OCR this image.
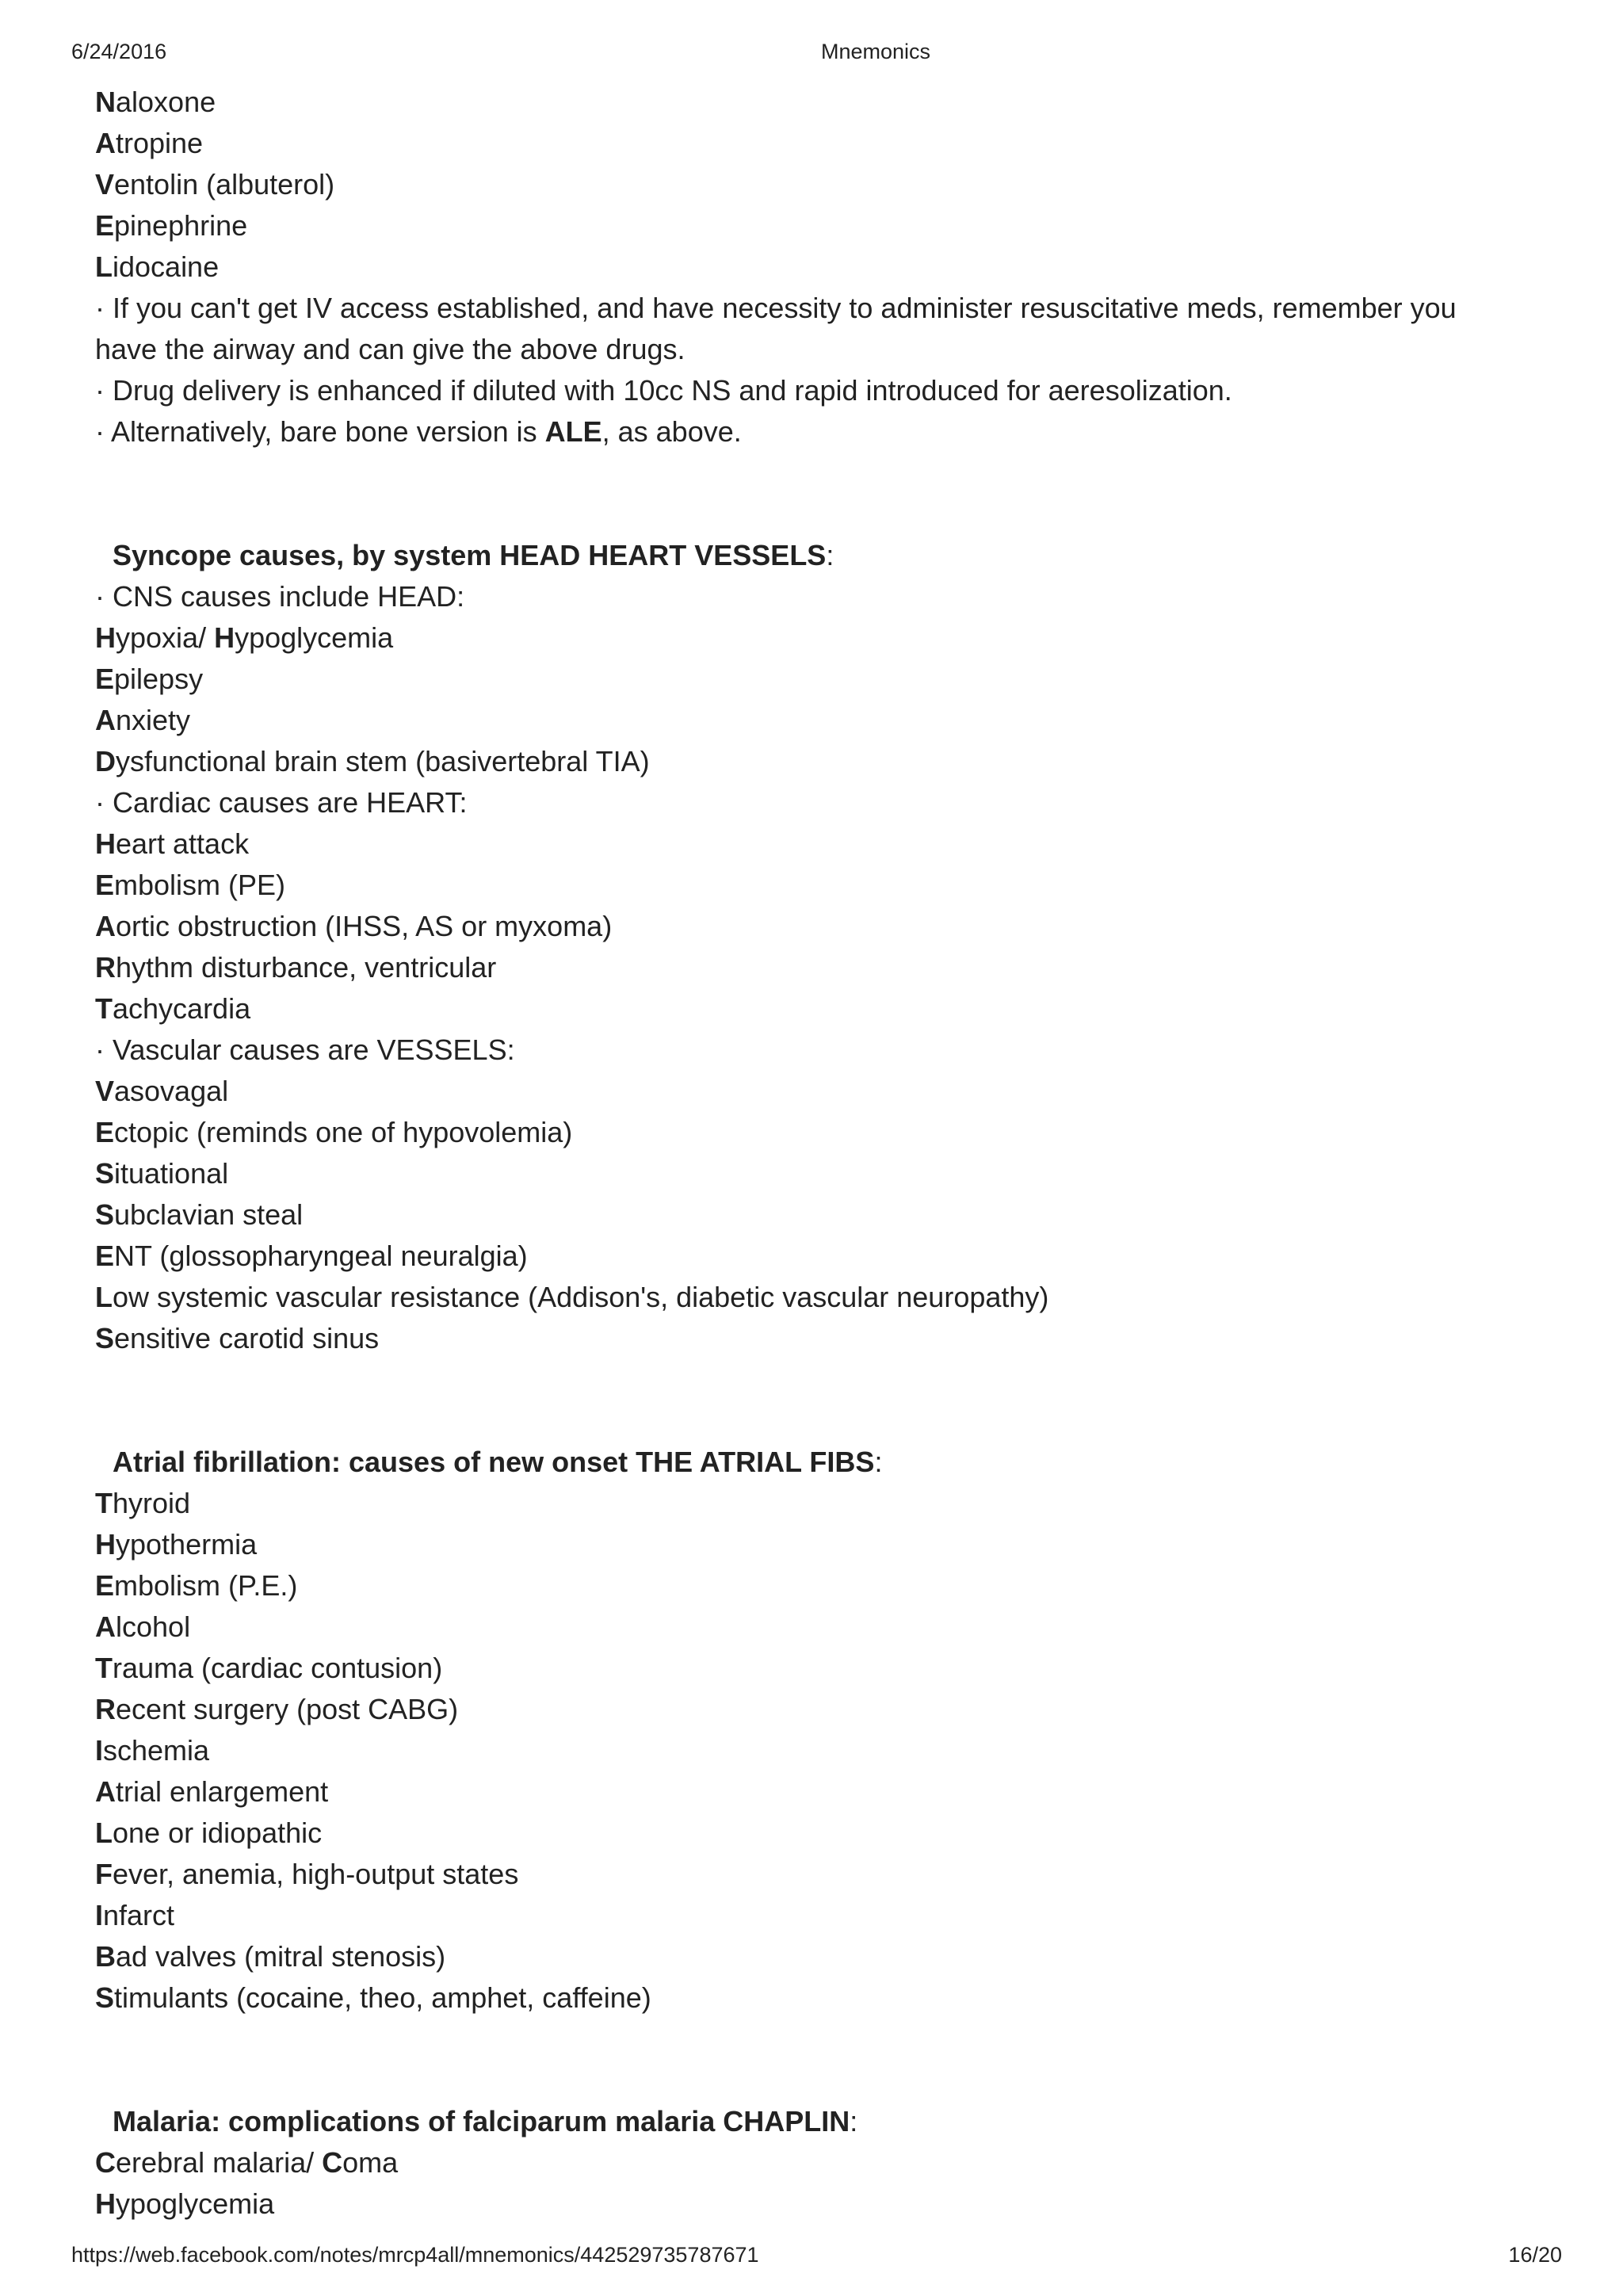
6/24/2016	Mnemonics
Naloxone
Atropine
Ventolin (albuterol)
Epinephrine
Lidocaine
· If you can't get IV access established, and have necessity to administer resuscitative meds, remember you have the airway and can give the above drugs.
· Drug delivery is enhanced if diluted with 10cc NS and rapid introduced for aeresolization.
· Alternatively, bare bone version is ALE, as above.
Syncope causes, by system HEAD HEART VESSELS:
· CNS causes include HEAD:
Hypoxia/ Hypoglycemia
Epilepsy
Anxiety
Dysfunctional brain stem (basivertebral TIA)
· Cardiac causes are HEART:
Heart attack
Embolism (PE)
Aortic obstruction (IHSS, AS or myxoma)
Rhythm disturbance, ventricular
Tachycardia
· Vascular causes are VESSELS:
Vasovagal
Ectopic (reminds one of hypovolemia)
Situational
Subclavian steal
ENT (glossopharyngeal neuralgia)
Low systemic vascular resistance (Addison's, diabetic vascular neuropathy)
Sensitive carotid sinus
Atrial fibrillation: causes of new onset THE ATRIAL FIBS:
Thyroid
Hypothermia
Embolism (P.E.)
Alcohol
Trauma (cardiac contusion)
Recent surgery (post CABG)
Ischemia
Atrial enlargement
Lone or idiopathic
Fever, anemia, high-output states
Infarct
Bad valves (mitral stenosis)
Stimulants (cocaine, theo, amphet, caffeine)
Malaria: complications of falciparum malaria CHAPLIN:
Cerebral malaria/ Coma
Hypoglycemia
https://web.facebook.com/notes/mrcp4all/mnemonics/442529735787671	16/20
